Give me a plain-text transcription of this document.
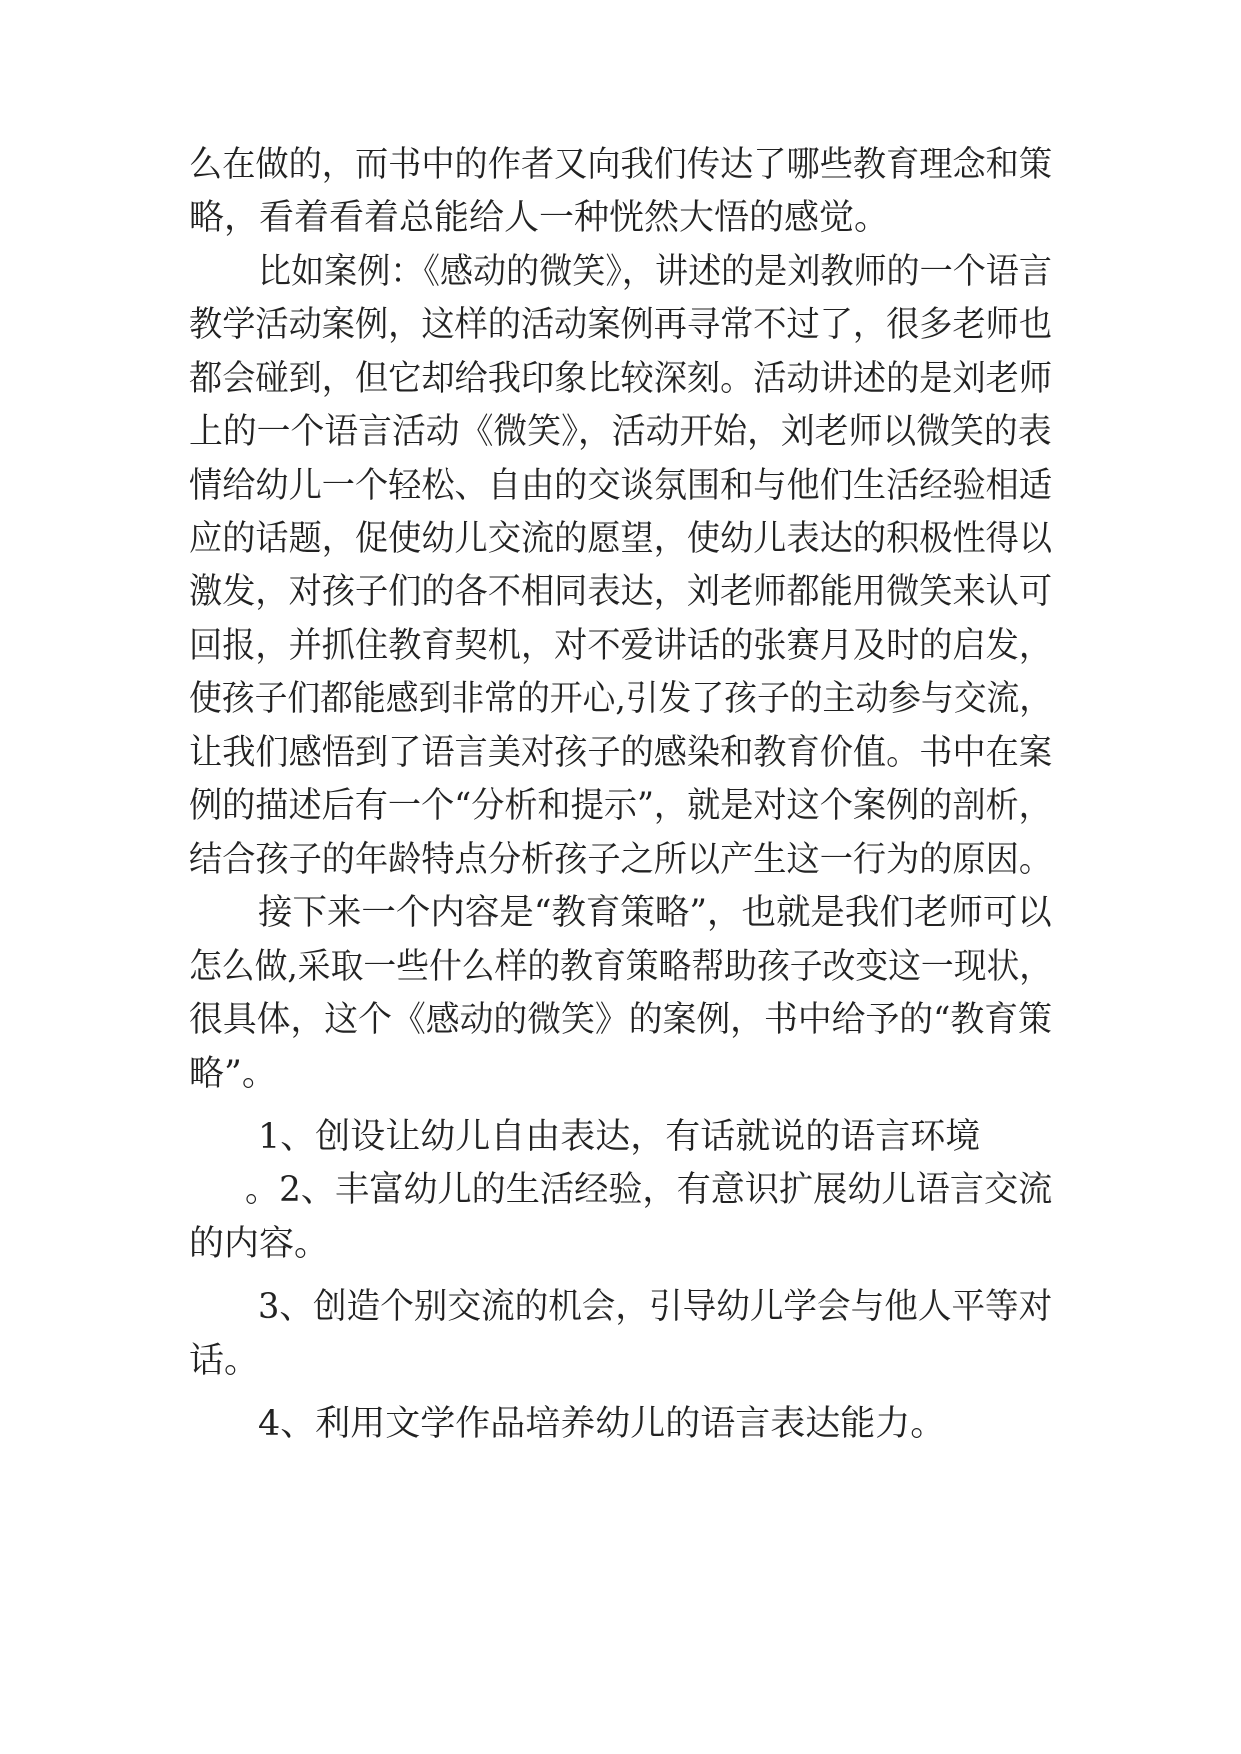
么在做的，而书中的作者又向我们传达了哪些教育理念和策
略，看着看着总能给人一种恍然大悟的感觉。
比如案例：《感动的微笑》，讲述的是刘教师的一个语言
教学活动案例，这样的活动案例再寻常不过了，很多老师也
都会碰到，但它却给我印象比较深刻。活动讲述的是刘老师
上的一个语言活动《微笑》，活动开始，刘老师以微笑的表
情给幼儿一个轻松、自由的交谈氛围和与他们生活经验相适
应的话题，促使幼儿交流的愿望，使幼儿表达的积极性得以
激发，对孩子们的各不相同表达，刘老师都能用微笑来认可
回报，并抓住教育契机，对不爱讲话的张赛月及时的启发，
使孩子们都能感到非常的开心,引发了孩子的主动参与交流，
让我们感悟到了语言美对孩子的感染和教育价值。书中在案
例的描述后有一个“分析和提示”，就是对这个案例的剖析，
结合孩子的年龄特点分析孩子之所以产生这一行为的原因。
接下来一个内容是“教育策略”，也就是我们老师可以
怎么做,采取一些什么样的教育策略帮助孩子改变这一现状，
很具体，这个《感动的微笑》的案例，书中给予的“教育策
略”。
1、创设让幼儿自由表达，有话就说的语言环境
。2、丰富幼儿的生活经验，有意识扩展幼儿语言交流
的内容。
3、创造个别交流的机会，引导幼儿学会与他人平等对
话。
4、利用文学作品培养幼儿的语言表达能力。
